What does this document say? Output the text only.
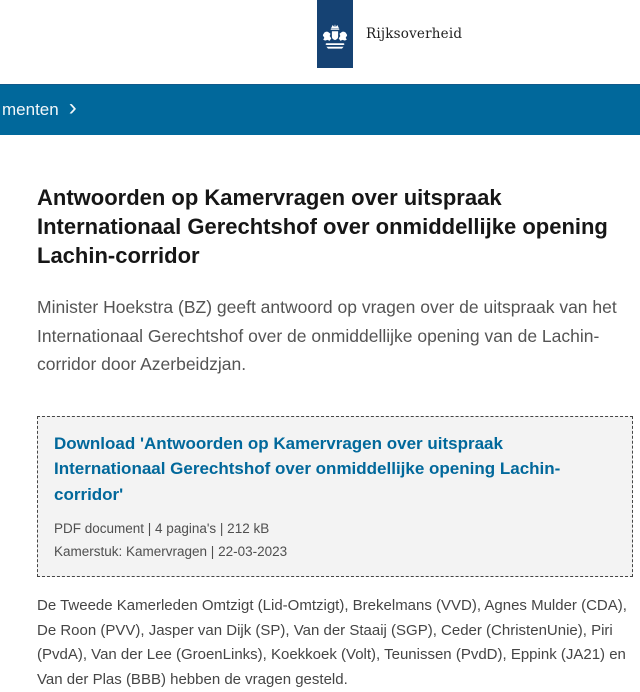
Rijksoverheid
menten ›
Antwoorden op Kamervragen over uitspraak Internationaal Gerechtshof over onmiddellijke opening Lachin-corridor

Minister Hoekstra (BZ) geeft antwoord op vragen over de uitspraak van het Internationaal Gerechtshof over de onmiddellijke opening van de Lachin-corridor door Azerbeidzjan.

Download 'Antwoorden op Kamervragen over uitspraak Internationaal Gerechtshof over onmiddellijke opening Lachin-corridor'

PDF document | 4 pagina's | 212 kB

Kamerstuk: Kamervragen | 22-03-2023

De Tweede Kamerleden Omtzigt (Lid-Omtzigt), Brekelmans (VVD), Agnes Mulder (CDA), De Roon (PVV), Jasper van Dijk (SP), Van der Staaij (SGP), Ceder (ChristenUnie), Piri (PvdA), Van der Lee (GroenLinks), Koekkoek (Volt), Teunissen (PvdD), Eppink (JA21) en Van der Plas (BBB) hebben de vragen gesteld.
